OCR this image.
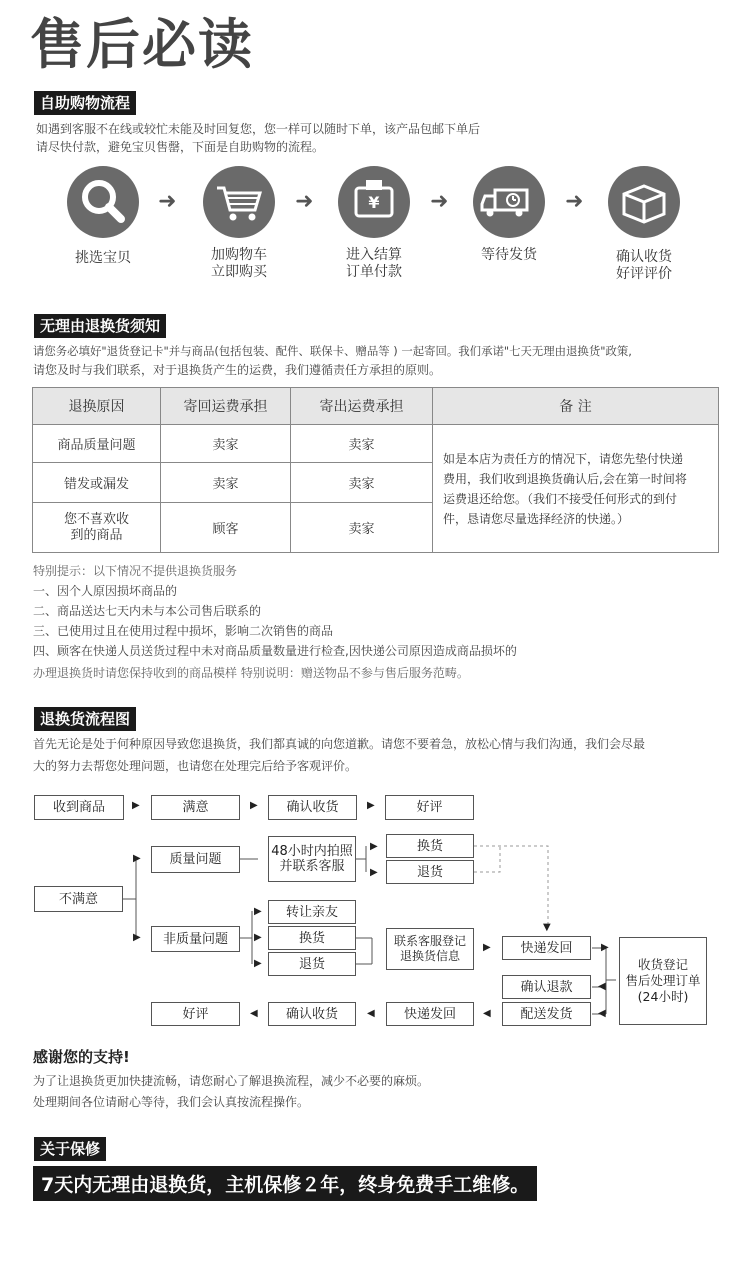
售后必读
自助购物流程
如遇到客服不在线或较忙未能及时回复您，您一样可以随时下单，该产品包邮下单后
请尽快付款，避免宝贝售罄，下面是自助购物的流程。
¥
➜	➜	➜	➜
挑选宝贝	加购物车
立即购买
进入结算
订单付款
等待发货	确认收货
好评评价
无理由退换货须知
请您务必填好"退货登记卡"并与商品(包括包装、配件、联保卡、赠品等 ) 一起寄回。我们承诺"七天无理由退换货"政策,
请您及时与我们联系，对于退换货产生的运费，我们遵循责任方承担的原则。
退换原因	寄回运费承担	寄出运费承担	备 注
商品质量问题	卖家	卖家	如是本店为责任方的情况下，请您先垫付快递
费用，我们收到退换货确认后,会在第一时间将
运费退还给您。（我们不接受任何形式的到付
件，恳请您尽量选择经济的快递。）

错发或漏发	卖家	卖家	

您不喜欢收
到的商品	顾客	卖家	
特别提示：以下情况不提供退换货服务
一、因个人原因损坏商品的
二、商品送达七天内未与本公司售后联系的
三、已使用过且在使用过程中损坏，影响二次销售的商品
四、顾客在快递人员送货过程中未对商品质量数量进行检查,因快递公司原因造成商品损坏的
办理退换货时请您保持收到的商品模样 特别说明：赠送物品不参与售后服务范畴。
退换货流程图
首先无论是处于何种原因导致您退换货，我们都真诚的向您道歉。请您不要着急，放松心情与我们沟通，我们会尽最
大的努力去帮您处理问题，也请您在处理完后给予客观评价。
收到商品	▶	满意	▶	确认收货	▶	好评
▶	质量问题
48小时内拍照
并联系客服
▶	换货
▶	退货
不满意
转让亲友
▶
▶	非质量问题	▶	换货
▶	退货
联系客服登记
退换货信息
▶
▼
快递发回
收货登记
售后处理订单
(24小时)
▶
确认退款	◀
好评	◀	确认收货	◀	快递发回	◀	配送发货	◀
感谢您的支持!
为了让退换货更加快捷流畅，请您耐心了解退换流程，减少不必要的麻烦。
处理期间各位请耐心等待，我们会认真按流程操作。
关于保修
7天内无理由退换货，主机保修２年，终身免费手工维修。
